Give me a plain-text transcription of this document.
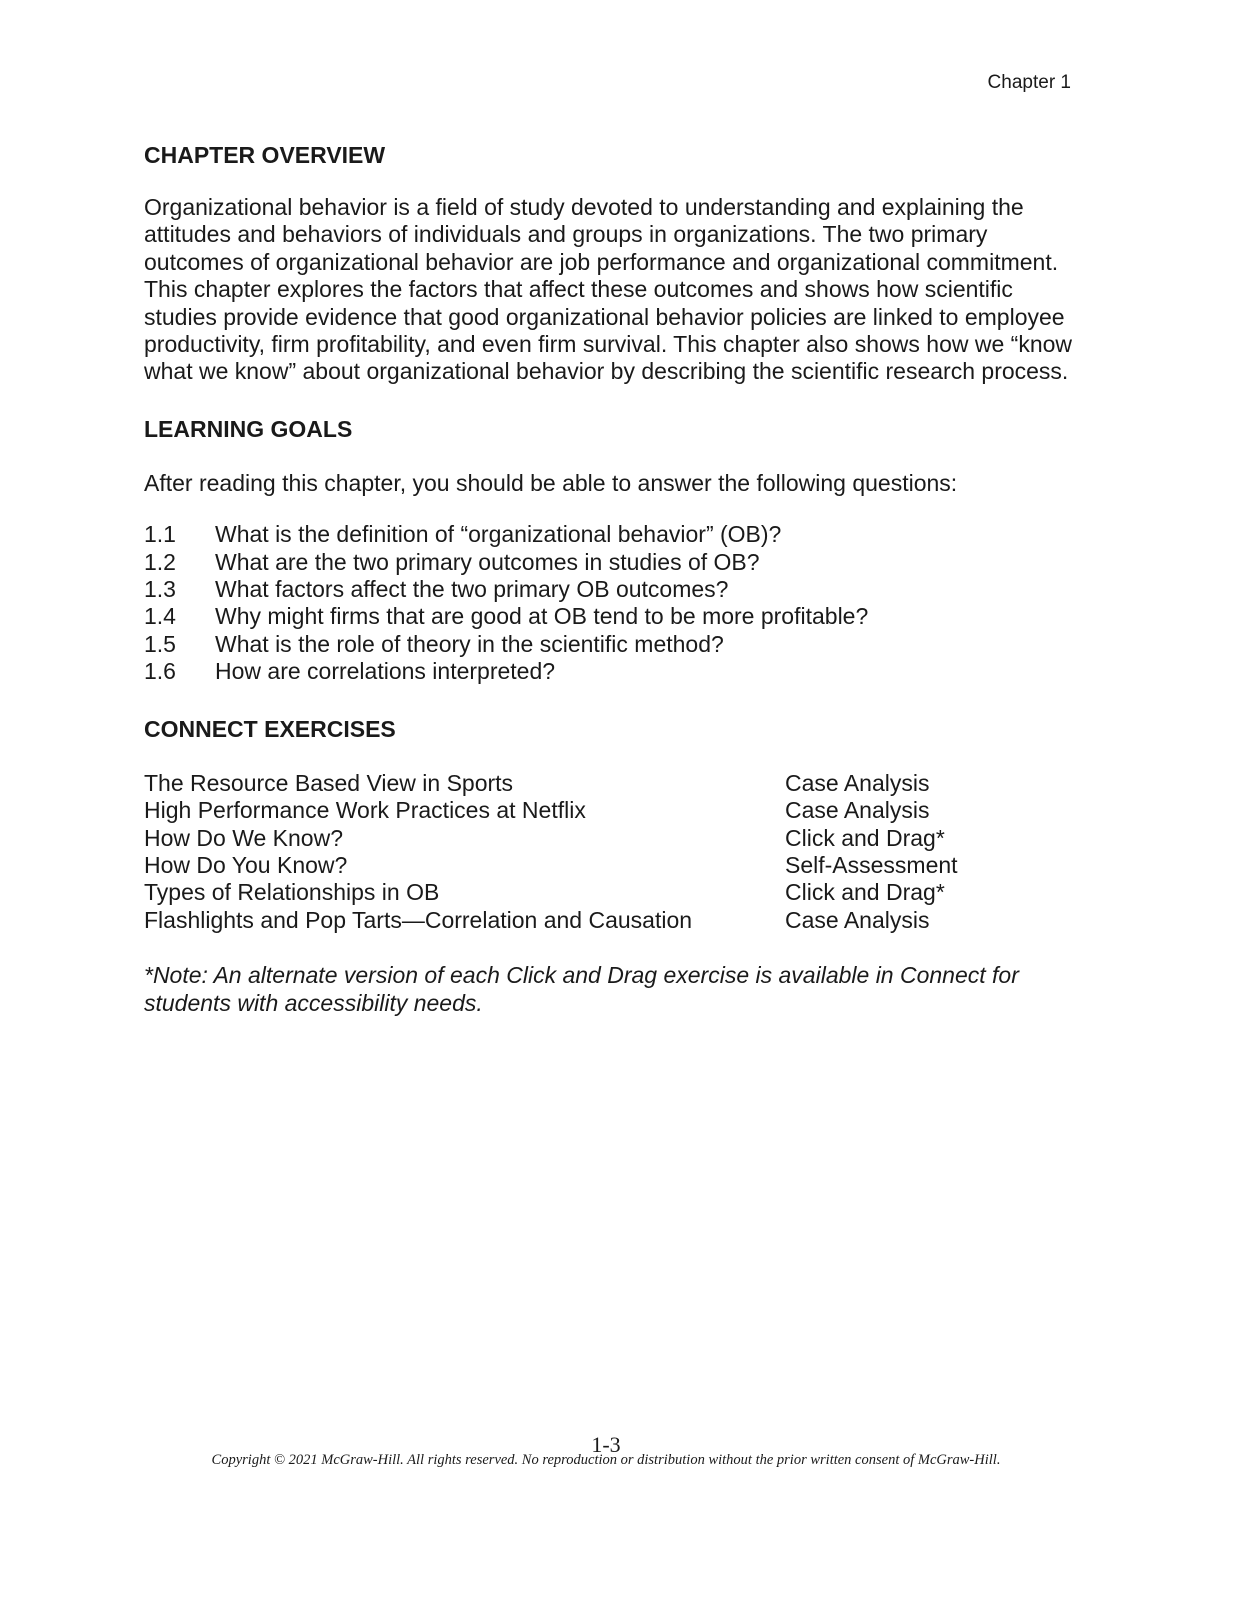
Chapter 1
CHAPTER OVERVIEW

Organizational behavior is a field of study devoted to understanding and explaining the attitudes and behaviors of individuals and groups in organizations. The two primary outcomes of organizational behavior are job performance and organizational commitment. This chapter explores the factors that affect these outcomes and shows how scientific studies provide evidence that good organizational behavior policies are linked to employee productivity, firm profitability, and even firm survival. This chapter also shows how we “know what we know” about organizational behavior by describing the scientific research process.

LEARNING GOALS

After reading this chapter, you should be able to answer the following questions:

1.1	What is the definition of “organizational behavior” (OB)?
1.2	What are the two primary outcomes in studies of OB?
1.3	What factors affect the two primary OB outcomes?
1.4	Why might firms that are good at OB tend to be more profitable?
1.5	What is the role of theory in the scientific method?
1.6	How are correlations interpreted?
CONNECT EXERCISES
The Resource Based View in Sports	Case Analysis
High Performance Work Practices at Netflix	Case Analysis
How Do We Know?	Click and Drag*
How Do You Know?	Self-Assessment
Types of Relationships in OB	Click and Drag*
Flashlights and Pop Tarts—Correlation and Causation	Case Analysis

*Note: An alternate version of each Click and Drag exercise is available in Connect for students with accessibility needs.

1-3
Copyright © 2021 McGraw-Hill. All rights reserved. No reproduction or distribution without the prior written consent of McGraw-Hill.
